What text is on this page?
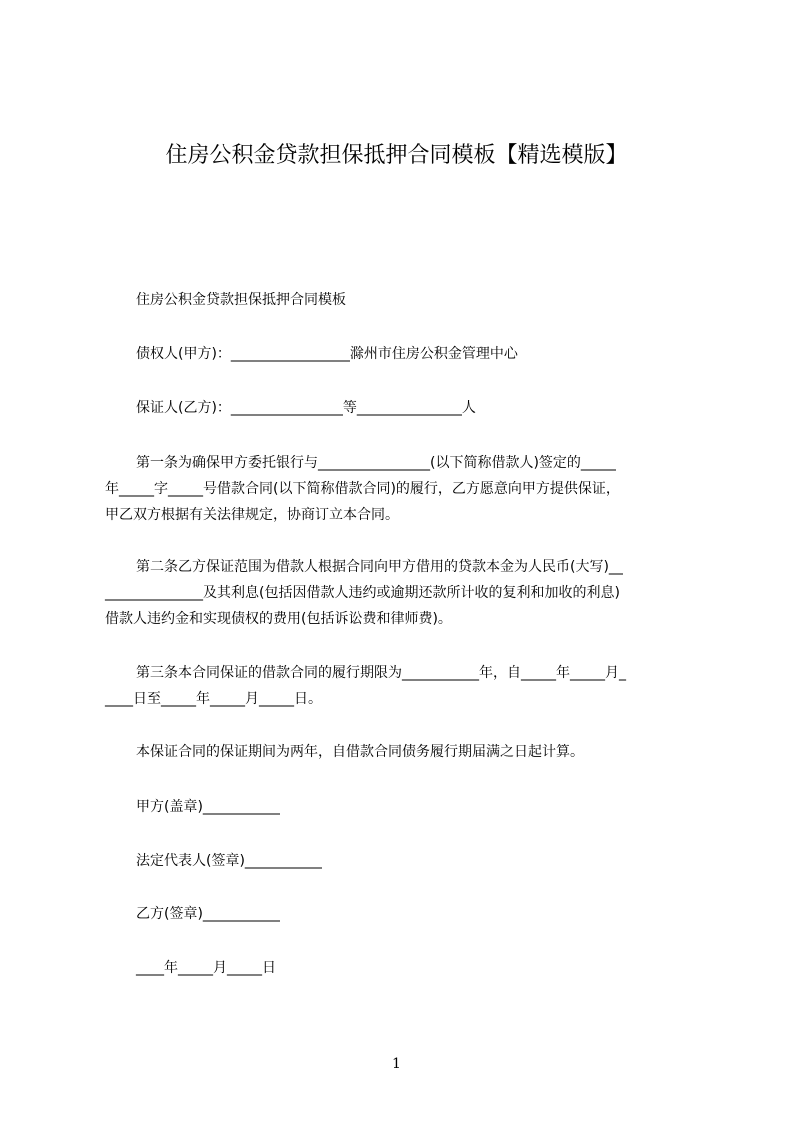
住房公积金贷款担保抵押合同模板【精选模版】

住房公积金贷款担保抵押合同模板

债权人(甲方)：_________________滁州市住房公积金管理中心

保证人(乙方)：________________等_______________人

第一条为确保甲方委托银行与________________(以下简称借款人)签定的_____
年_____字_____号借款合同(以下简称借款合同)的履行，乙方愿意向甲方提供保证，
甲乙双方根据有关法律规定，协商订立本合同。
第二条乙方保证范围为借款人根据合同向甲方借用的贷款本金为人民币(大写)__
______________及其利息(包括因借款人违约或逾期还款所计收的复利和加收的利息)
借款人违约金和实现债权的费用(包括诉讼费和律师费)。
第三条本合同保证的借款合同的履行期限为___________年，自_____年_____月_
____日至_____年_____月_____日。

本保证合同的保证期间为两年，自借款合同债务履行期届满之日起计算。

甲方(盖章)___________

法定代表人(签章)___________

乙方(签章)___________

____年_____月_____日

1
